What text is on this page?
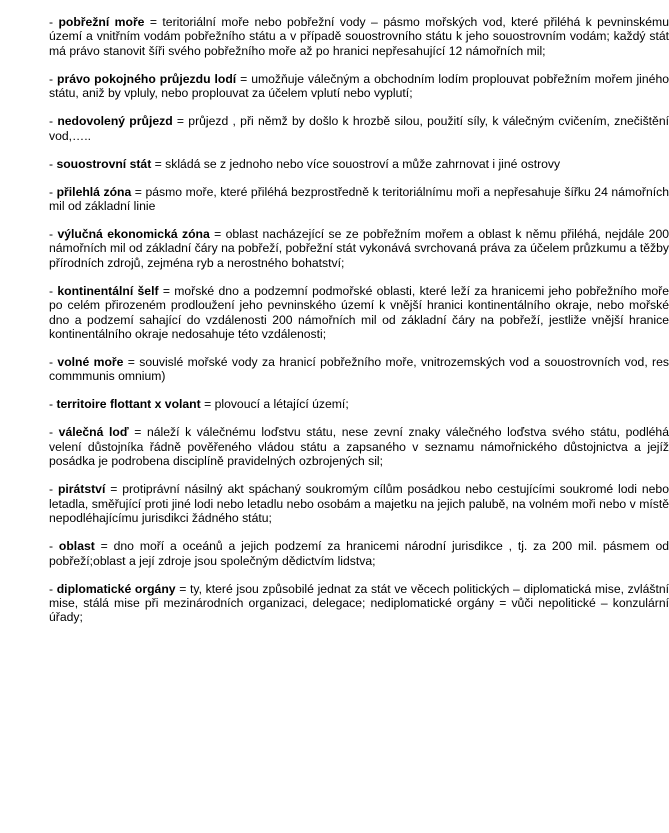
- pobřežní moře = teritoriální moře nebo pobřežní vody – pásmo mořských vod, které přiléhá k pevninskému území a vnitřním vodám pobřežního státu a v případě souostrovního státu k jeho souostrovním vodám; každý stát má právo stanovit šíři svého pobřežního moře až po hranici nepřesahující 12 námořních mil;

- právo pokojného průjezdu lodí = umožňuje válečným a obchodním lodím proplouvat pobřežním mořem jiného státu, aniž by vpluly, nebo proplouvat za účelem vplutí nebo vyplutí;

- nedovolený průjezd = průjezd , při němž by došlo k hrozbě silou, použití síly, k válečným cvičením, znečištění vod,…..

- souostrovní stát = skládá se z jednoho nebo více souostroví a může zahrnovat i jiné ostrovy

- přilehlá zóna = pásmo moře, které přiléhá bezprostředně k teritoriálnímu moři a nepřesahuje šířku 24 námořních mil od základní linie

- výlučná ekonomická zóna = oblast nacházející se ze pobřežním mořem a oblast k němu přiléhá, nejdále 200 námořních mil od základní čáry na pobřeží, pobřežní stát vykonává svrchovaná práva za účelem průzkumu a těžby přírodních zdrojů, zejména ryb a nerostného bohatství;

- kontinentální šelf = mořské dno a podzemní podmořské oblasti, které leží za hranicemi jeho pobřežního moře po celém přirozeném prodloužení jeho pevninského území k vnější hranici kontinentálního okraje, nebo mořské dno a podzemí sahající do vzdálenosti 200 námořních mil od základní čáry na pobřeží, jestliže vnější hranice kontinentálního okraje nedosahuje této vzdálenosti;

- volné moře = souvislé mořské vody za hranicí pobřežního moře, vnitrozemských vod a souostrovních vod, res commmunis omnium)

- territoire flottant x volant = plovoucí a létající území;

- válečná loď = náleží k válečnému loďstvu státu, nese zevní znaky válečného loďstva svého státu, podléhá velení důstojníka řádně pověřeného vládou státu a zapsaného v seznamu námořnického důstojnictva a jejíž posádka je podrobena disciplíně pravidelných ozbrojených sil;

- pirátství = protiprávní násilný akt spáchaný soukromým cílům posádkou nebo cestujícími soukromé lodi nebo letadla, směřující proti jiné lodi nebo letadlu nebo osobám a majetku na jejich palubě, na volném moři nebo v místě nepodléhajícímu jurisdikci žádného státu;

- oblast = dno moří a oceánů a jejich podzemí za hranicemi národní jurisdikce , tj. za 200 mil. pásmem od pobřeží;oblast a její zdroje jsou společným dědictvím lidstva;

- diplomatické orgány = ty, které jsou způsobilé jednat za stát ve věcech politických – diplomatická mise, zvláštní mise, stálá mise při mezinárodních organizaci, delegace; nediplomatické orgány = vůči nepolitické – konzulární úřady;
